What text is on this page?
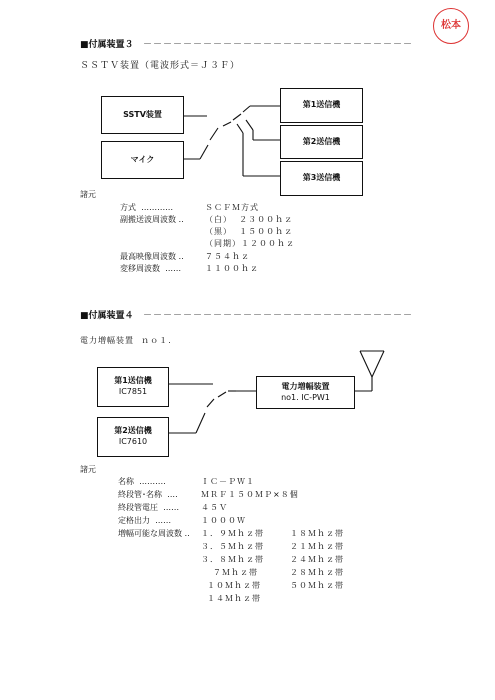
松本
■付属装置３ －－－－－－－－－－－－－－－－－－－－－－－－－－－
ＳＳＴＶ装置（電波形式＝Ｊ３Ｆ）
SSTV装置
マイク
第1送信機
第2送信機
第3送信機
諸元
方式  ‥‥‥‥‥‥	ＳＣＦＭ方式
副搬送波周波数 ‥	（白）  ２３００ｈｚ
（黒）  １５００ｈｚ
（同期）１２００ｈｚ
最高映像周波数 ‥	７５４ｈｚ
変移周波数  ‥‥‥	１１００ｈｚ
■付属装置４ －－－－－－－－－－－－－－－－－－－－－－－－－－－
電力増幅装置  ｎｏ１.
第1送信機
IC7851
第2送信機
IC7610
電力増幅装置
no1. IC-PW1
諸元
名称  ‥‥‥‥‥	ＩＣ－ＰＷ１
終段管･名称  ‥‥	ＭＲＦ１５０ＭＰ×８個
終段管電圧  ‥‥‥	４５Ｖ
定格出力  ‥‥‥	１０００Ｗ
増幅可能な周波数 ‥ １．９Ｍｈｚ帯
３．５Ｍｈｚ帯
３．８Ｍｈｚ帯
７Ｍｈｚ帯
１０Ｍｈｚ帯
１４Ｍｈｚ帯
１８Ｍｈｚ帯
２１Ｍｈｚ帯
２４Ｍｈｚ帯
２８Ｍｈｚ帯
５０Ｍｈｚ帯
